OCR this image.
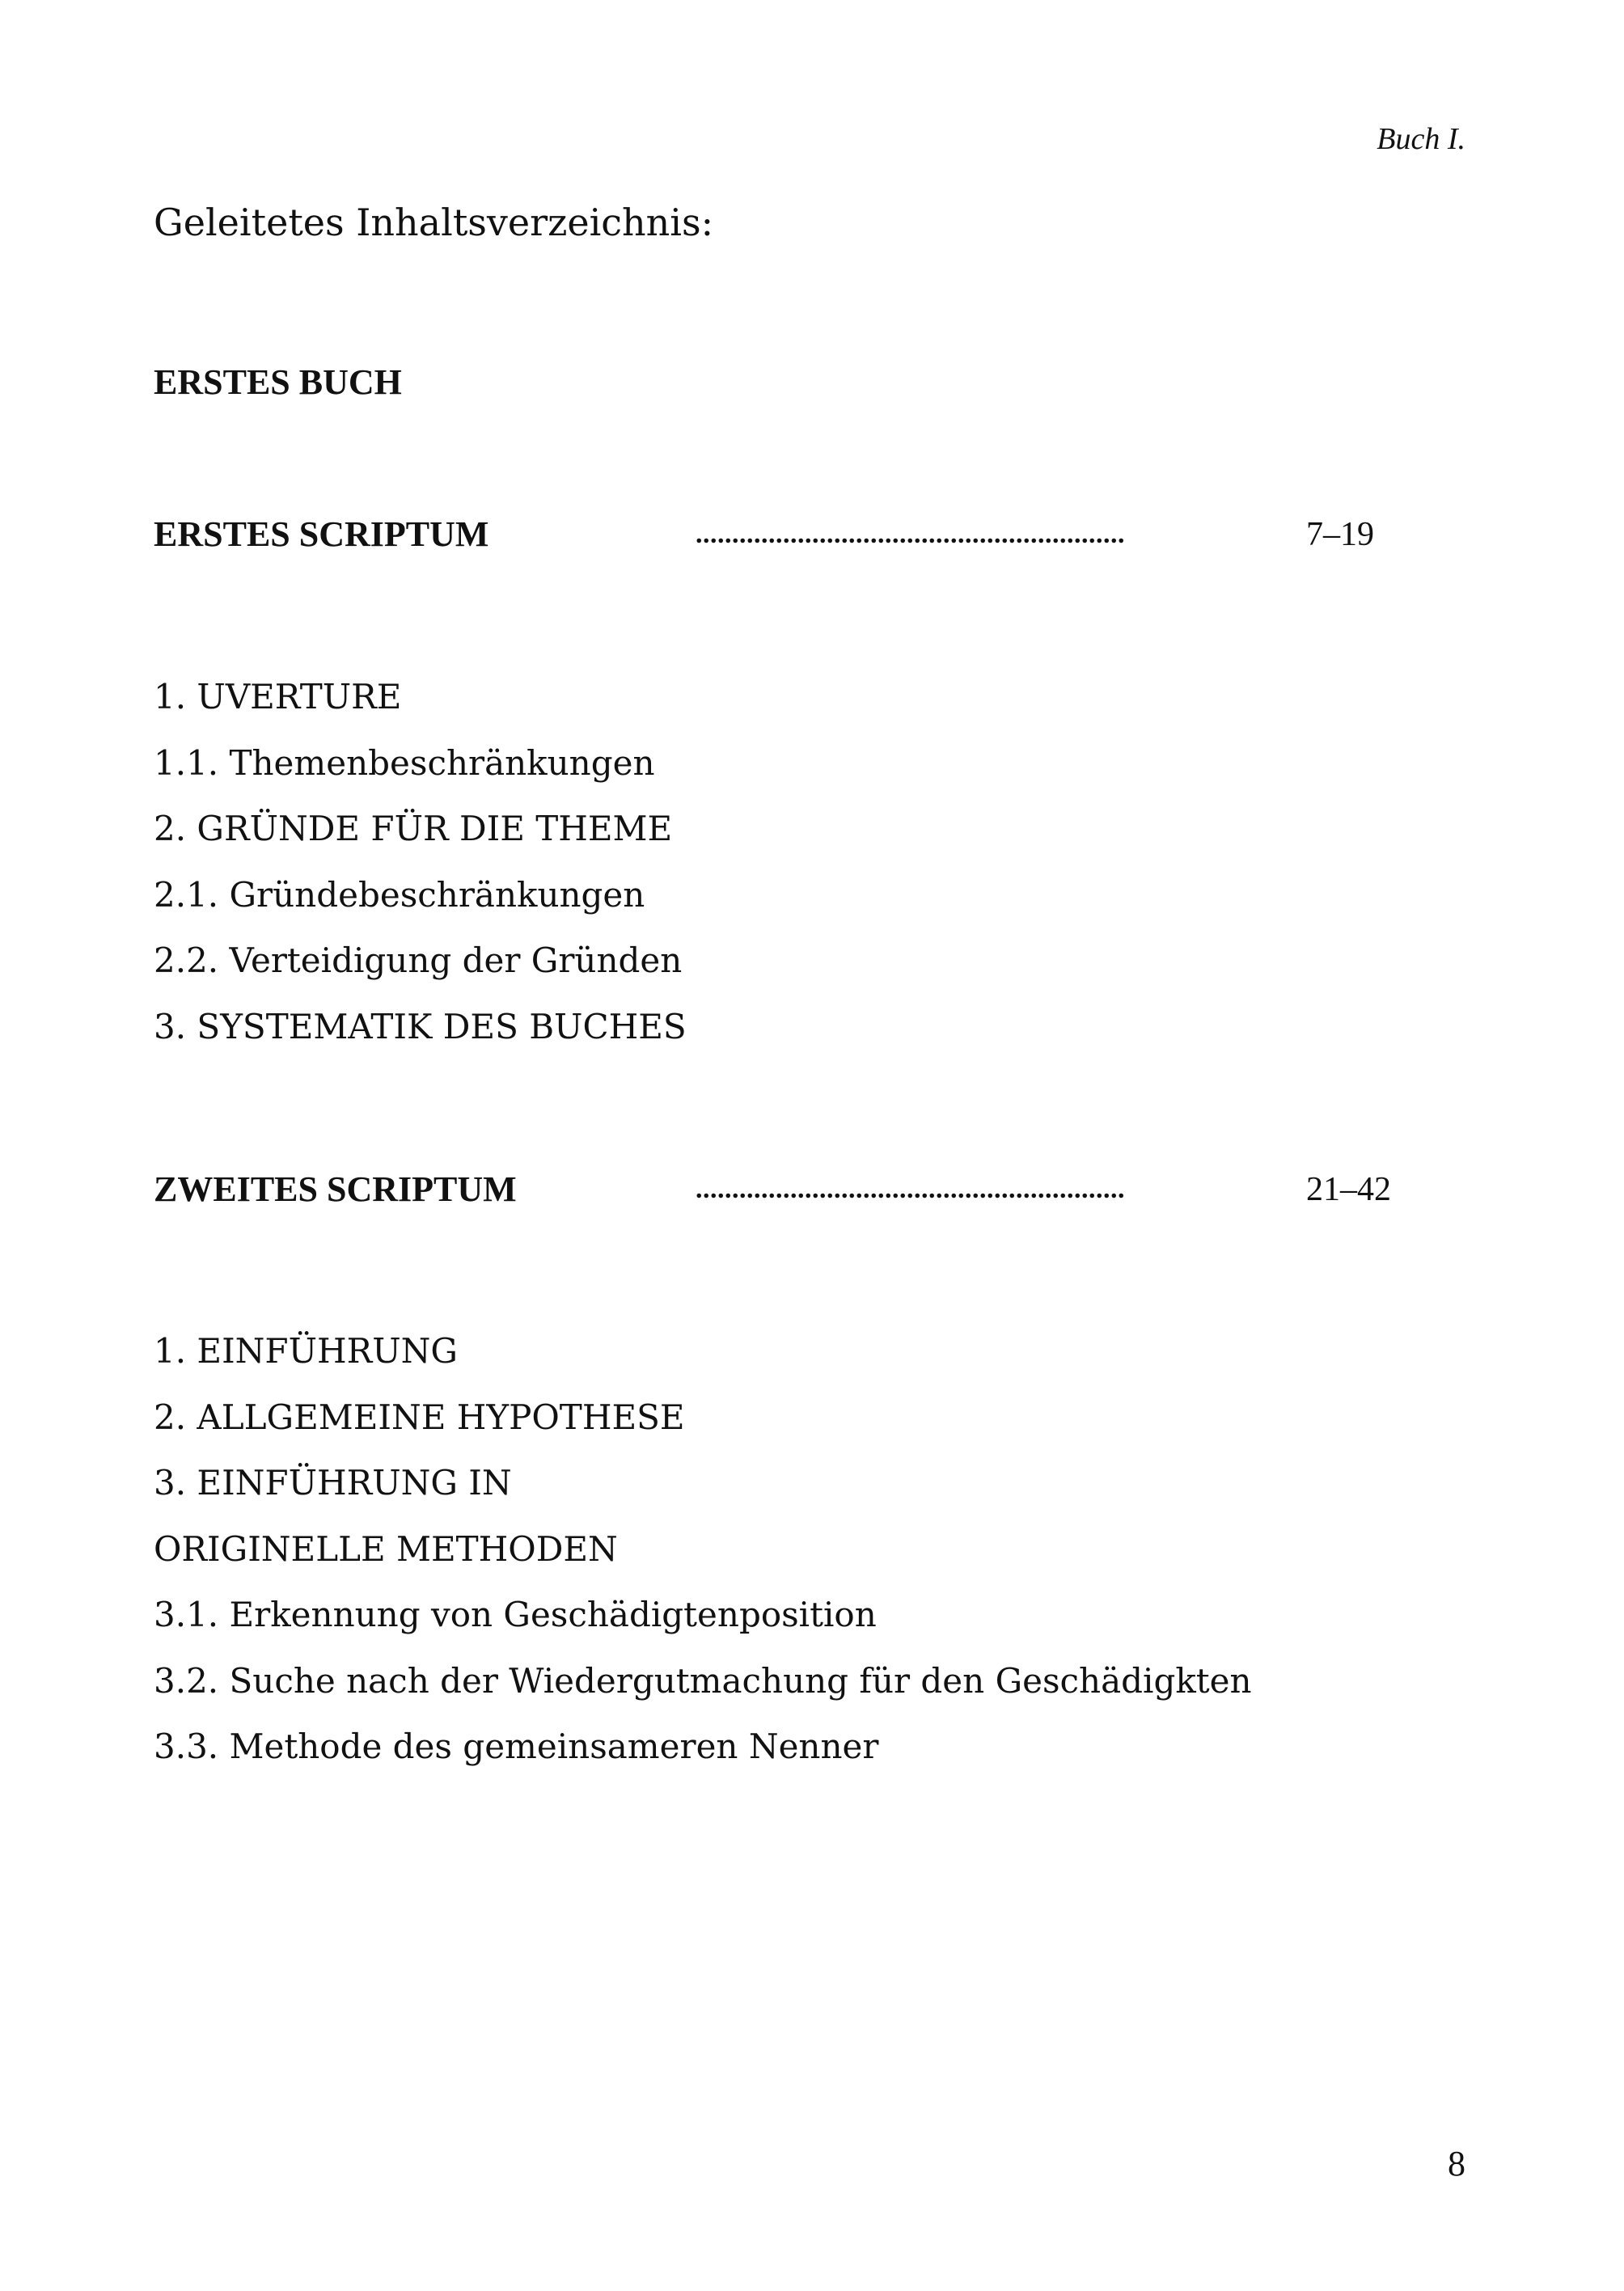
Buch I.

Geleitetes Inhaltsverzeichnis:

ERSTES BUCH
ERSTES SCRIPTUM	...........................................................	7–19
1. UVERTURE
1.1. Themenbeschränkungen
2. GRÜNDE FÜR DIE THEME
2.1. Gründebeschränkungen
2.2. Verteidigung der Gründen
3. SYSTEMATIK DES BUCHES
ZWEITES SCRIPTUM	...........................................................	21–42
1. EINFÜHRUNG
2. ALLGEMEINE HYPOTHESE
3. EINFÜHRUNG IN
ORIGINELLE METHODEN
3.1. Erkennung von Geschädigtenposition
3.2. Suche nach der Wiedergutmachung für den Geschädigkten
3.3. Methode des gemeinsameren Nenner
8
